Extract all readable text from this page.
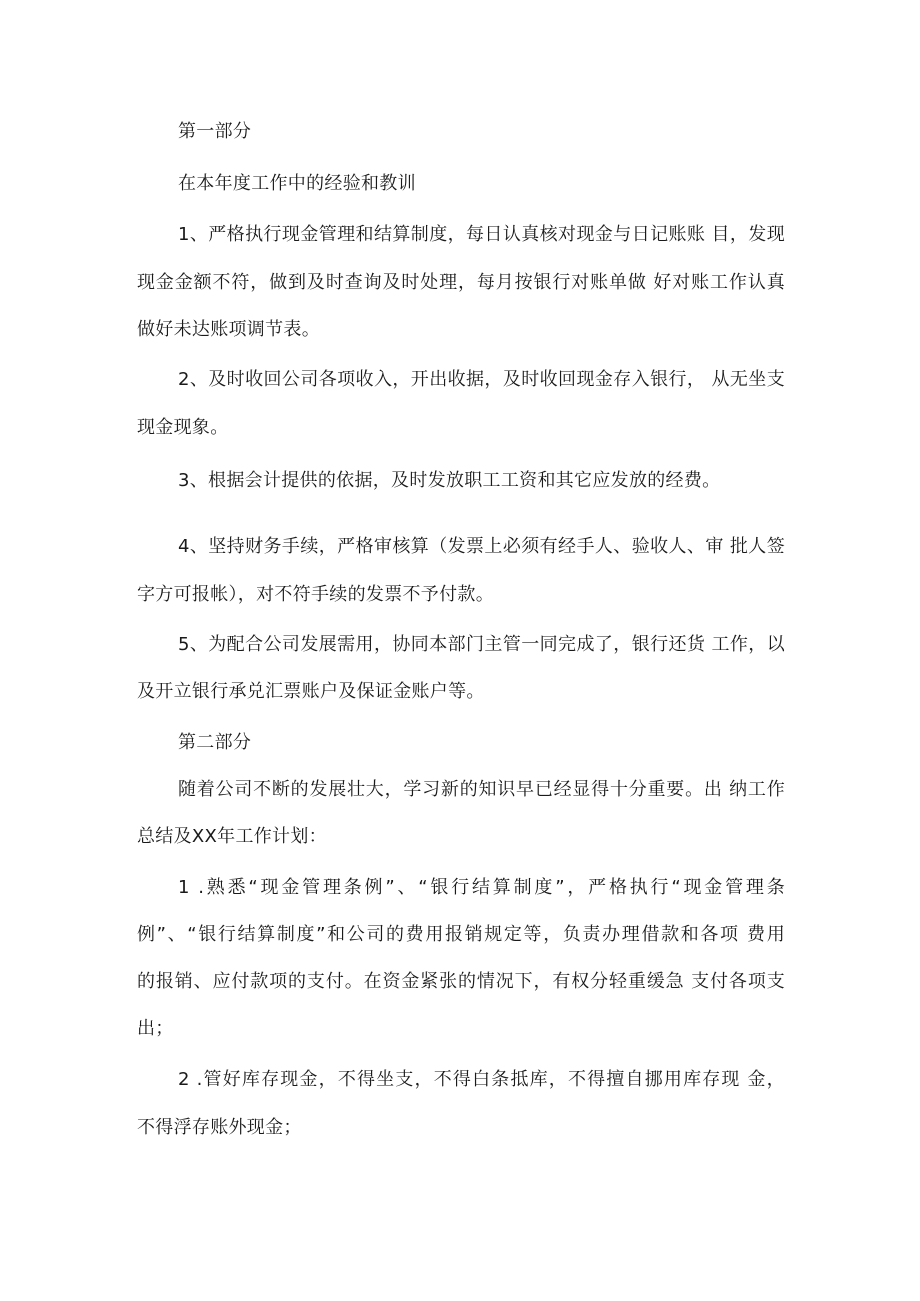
第一部分
在本年度工作中的经验和教训
1、严格执行现金管理和结算制度，每日认真核对现金与日记账账 目，发现
现金金额不符，做到及时查询及时处理，每月按银行对账单做 好对账工作认真
做好未达账项调节表。
2、及时收回公司各项收入，开出收据，及时收回现金存入银行， 从无坐支
现金现象。
3、根据会计提供的依据，及时发放职工工资和其它应发放的经费。
4、坚持财务手续，严格审核算（发票上必须有经手人、验收人、审 批人签
字方可报帐），对不符手续的发票不予付款。
5、为配合公司发展需用，协同本部门主管一同完成了，银行还货 工作，以
及开立银行承兑汇票账户及保证金账户等。
第二部分
随着公司不断的发展壮大，学习新的知识早已经显得十分重要。出 纳工作
总结及XX年工作计划：
1 .熟悉“现金管理条例”、“银行结算制度”，严格执行“现金管理条
例”、“银行结算制度”和公司的费用报销规定等，负责办理借款和各项 费用
的报销、应付款项的支付。在资金紧张的情况下，有权分轻重缓急 支付各项支
出；
2 .管好库存现金，不得坐支，不得白条抵库，不得擅自挪用库存现 金，
不得浮存账外现金；
